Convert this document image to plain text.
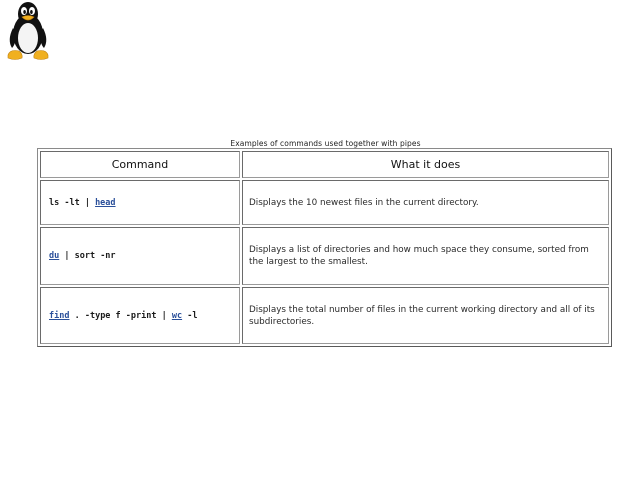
Examples of commands used together with pipes
Command	What it does
ls -lt | head	Displays the 10 newest files in the current directory.
du | sort -nr
Displays a list of directories and how much space they consume, sorted from the largest to the smallest.
find . -type f -print | wc -l
Displays the total number of files in the current working directory and all of its subdirectories.
